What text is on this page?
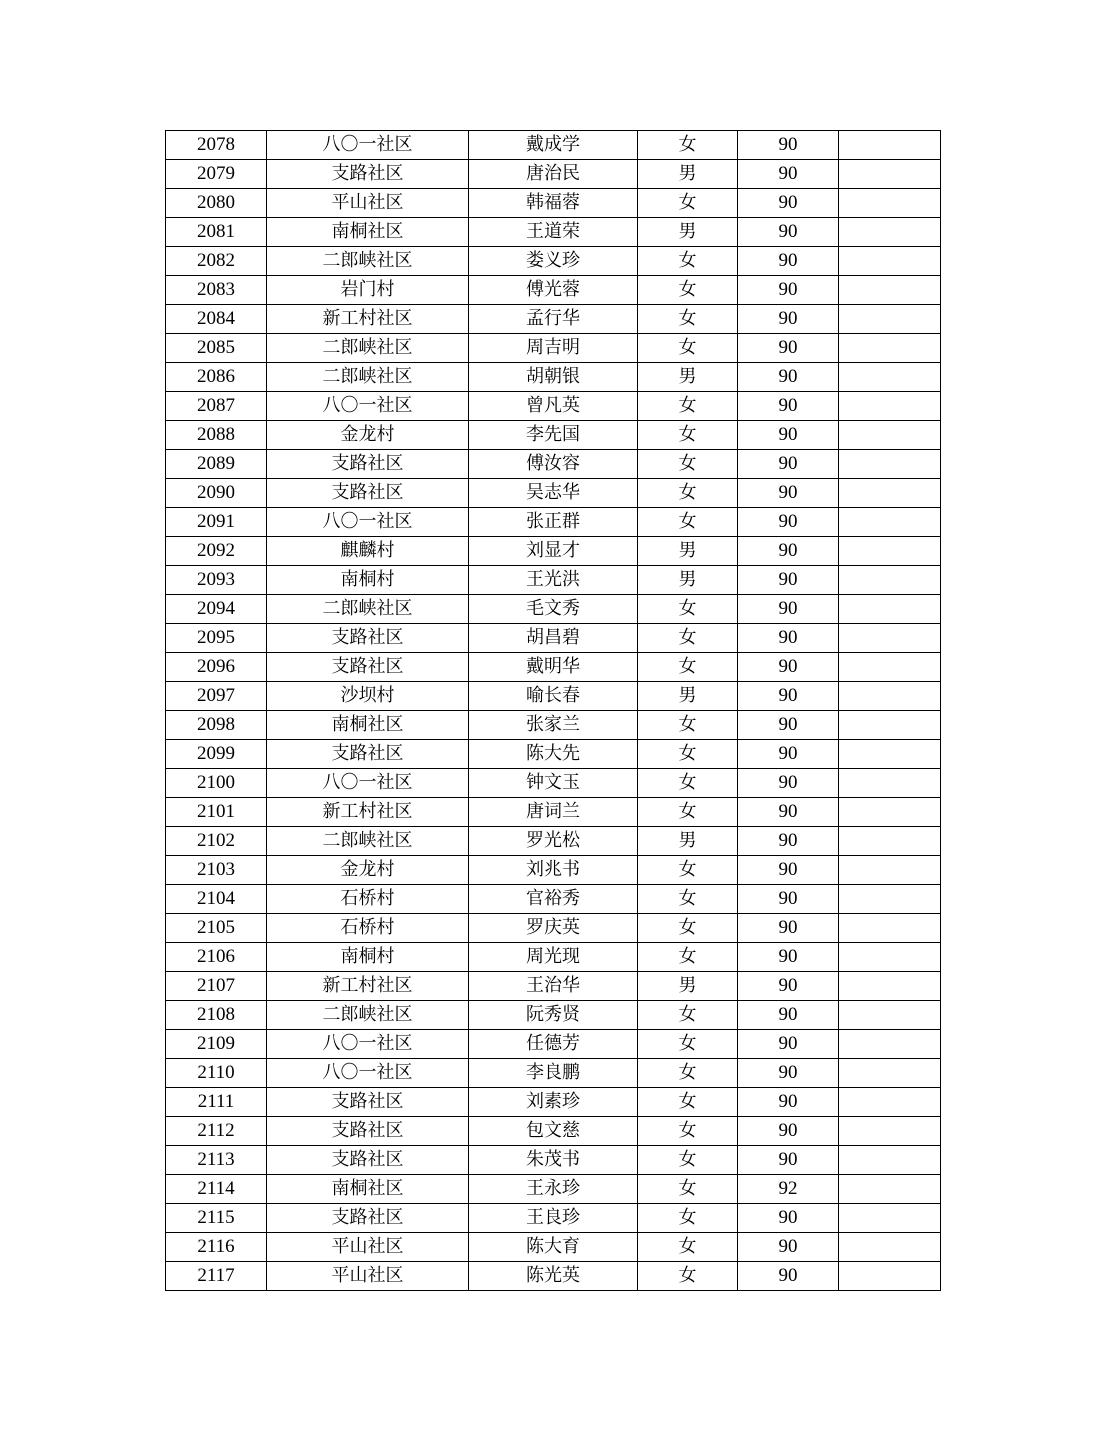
2078	八〇一社区	戴成学	女	90	
2079	支路社区	唐治民	男	90	
2080	平山社区	韩福蓉	女	90	
2081	南桐社区	王道荣	男	90	
2082	二郎峡社区	娄义珍	女	90	
2083	岩门村	傅光蓉	女	90	
2084	新工村社区	孟行华	女	90	
2085	二郎峡社区	周吉明	女	90	
2086	二郎峡社区	胡朝银	男	90	
2087	八〇一社区	曾凡英	女	90	
2088	金龙村	李先国	女	90	
2089	支路社区	傅汝容	女	90	
2090	支路社区	吴志华	女	90	
2091	八〇一社区	张正群	女	90	
2092	麒麟村	刘显才	男	90	
2093	南桐村	王光洪	男	90	
2094	二郎峡社区	毛文秀	女	90	
2095	支路社区	胡昌碧	女	90	
2096	支路社区	戴明华	女	90	
2097	沙坝村	喻长春	男	90	
2098	南桐社区	张家兰	女	90	
2099	支路社区	陈大先	女	90	
2100	八〇一社区	钟文玉	女	90	
2101	新工村社区	唐词兰	女	90	
2102	二郎峡社区	罗光松	男	90	
2103	金龙村	刘兆书	女	90	
2104	石桥村	官裕秀	女	90	
2105	石桥村	罗庆英	女	90	
2106	南桐村	周光现	女	90	
2107	新工村社区	王治华	男	90	
2108	二郎峡社区	阮秀贤	女	90	
2109	八〇一社区	任德芳	女	90	
2110	八〇一社区	李良鹏	女	90	
2111	支路社区	刘素珍	女	90	
2112	支路社区	包文慈	女	90	
2113	支路社区	朱茂书	女	90	
2114	南桐社区	王永珍	女	92	
2115	支路社区	王良珍	女	90	
2116	平山社区	陈大育	女	90	
2117	平山社区	陈光英	女	90	
